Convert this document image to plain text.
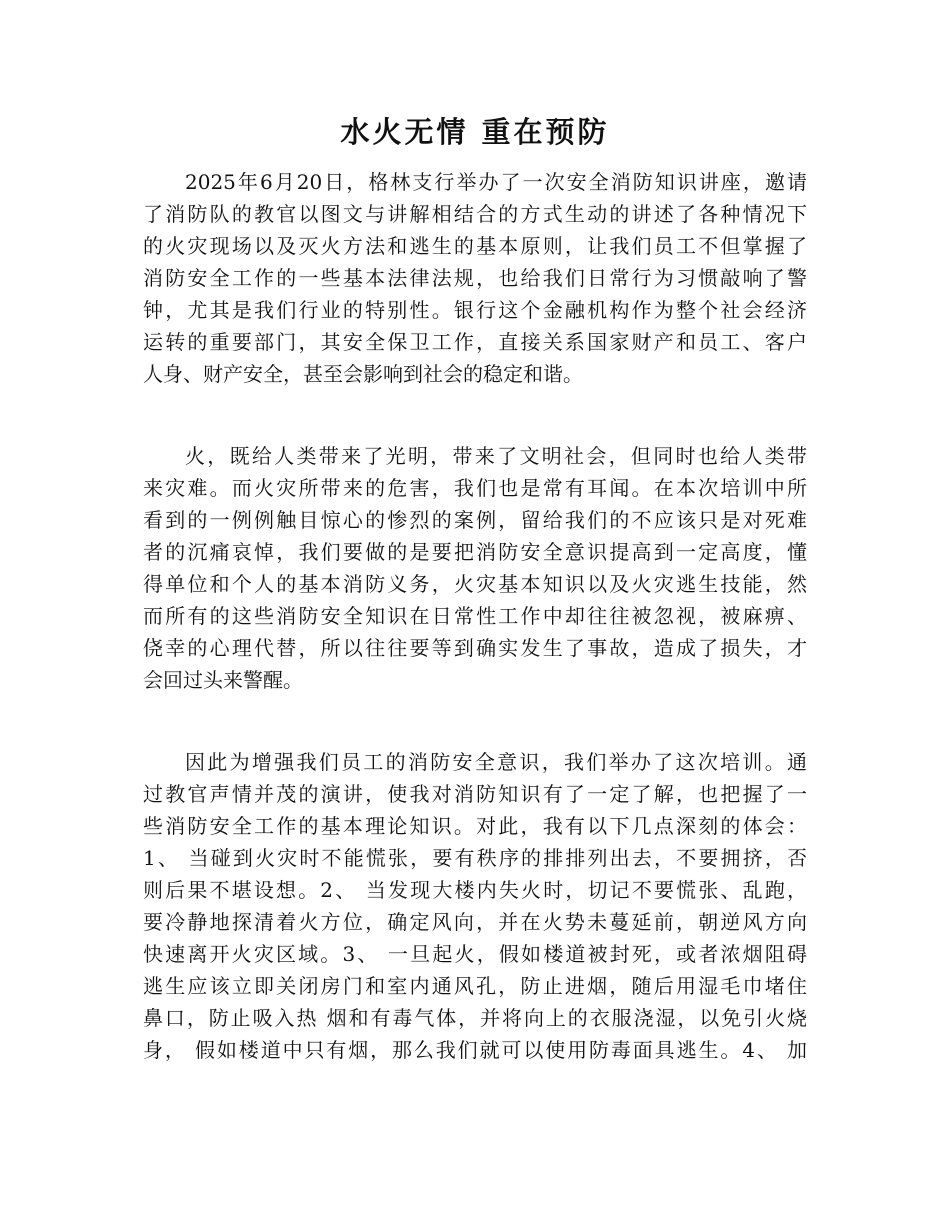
水火无情 重在预防
2025年6月20日，格林支行举办了一次安全消防知识讲座，邀请
了消防队的教官以图文与讲解相结合的方式生动的讲述了各种情况下
的火灾现场以及灭火方法和逃生的基本原则，让我们员工不但掌握了
消防安全工作的一些基本法律法规，也给我们日常行为习惯敲响了警
钟，尤其是我们行业的特别性。银行这个金融机构作为整个社会经济
运转的重要部门，其安全保卫工作，直接关系国家财产和员工、客户
人身、财产安全，甚至会影响到社会的稳定和谐。
火，既给人类带来了光明，带来了文明社会，但同时也给人类带
来灾难。而火灾所带来的危害，我们也是常有耳闻。在本次培训中所
看到的一例例触目惊心的惨烈的案例，留给我们的不应该只是对死难
者的沉痛哀悼，我们要做的是要把消防安全意识提高到一定高度，懂
得单位和个人的基本消防义务，火灾基本知识以及火灾逃生技能，然
而所有的这些消防安全知识在日常性工作中却往往被忽视，被麻痹、
侥幸的心理代替，所以往往要等到确实发生了事故，造成了损失，才
会回过头来警醒。
因此为增强我们员工的消防安全意识，我们举办了这次培训。通
过教官声情并茂的演讲，使我对消防知识有了一定了解，也把握了一
些消防安全工作的基本理论知识。对此，我有以下几点深刻的体会：
1、 当碰到火灾时不能慌张，要有秩序的排排列出去，不要拥挤，否
则后果不堪设想。2、 当发现大楼内失火时，切记不要慌张、乱跑，
要冷静地探清着火方位，确定风向，并在火势未蔓延前，朝逆风方向
快速离开火灾区域。3、 一旦起火，假如楼道被封死，或者浓烟阻碍
逃生应该立即关闭房门和室内通风孔，防止进烟，随后用湿毛巾堵住
鼻口，防止吸入热 烟和有毒气体，并将向上的衣服浇湿，以免引火烧
身， 假如楼道中只有烟，那么我们就可以使用防毒面具逃生。4、 加
